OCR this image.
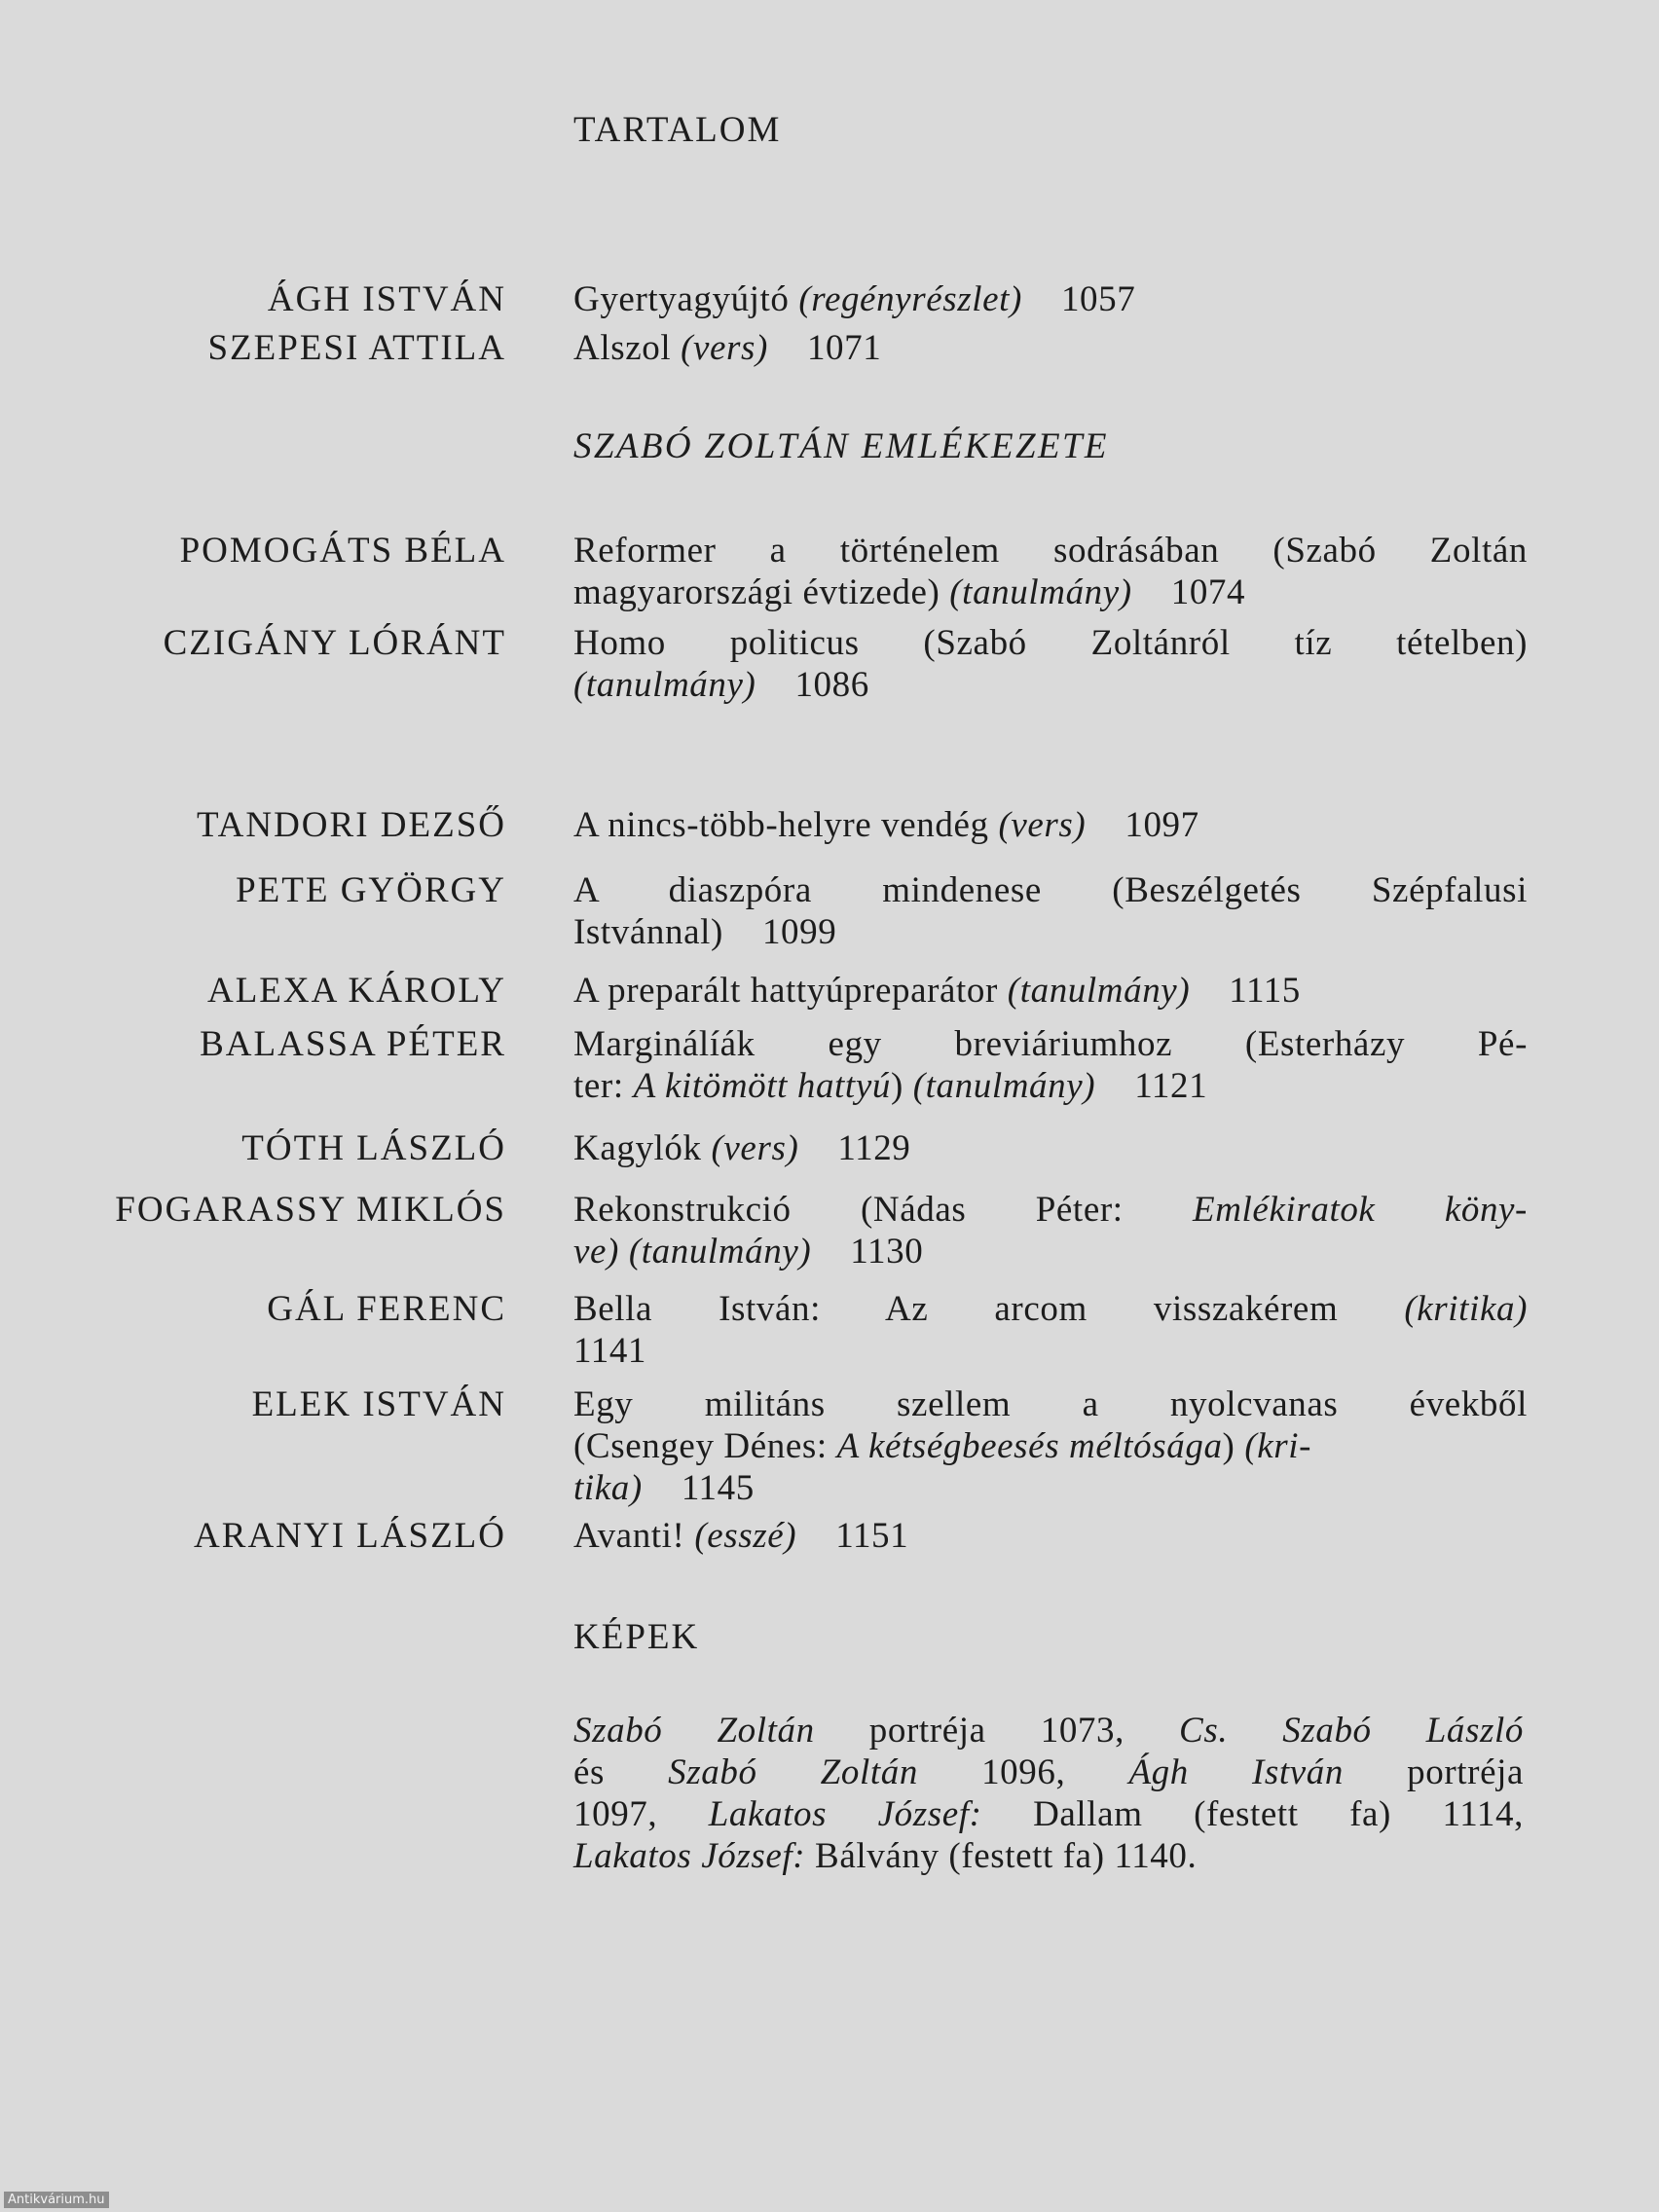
TARTALOM
SZABÓ ZOLTÁN EMLÉKEZETE
KÉPEK
ÁGH ISTVÁN Gyertyagyújtó (regényrészlet) 1057
SZEPESI ATTILA Alszol (vers) 1071
POMOGÁTS BÉLA Reformer a történelem sodrásában (Szabó Zoltán
magyarországi évtizede) (tanulmány) 1074
CZIGÁNY LÓRÁNT Homo politicus (Szabó Zoltánról tíz tételben)
(tanulmány) 1086
TANDORI DEZSŐ A nincs-több-helyre vendég (vers) 1097
PETE GYÖRGY A diaszpóra mindenese (Beszélgetés Szépfalusi
Istvánnal) 1099
ALEXA KÁROLY A preparált hattyúpreparátor (tanulmány) 1115
BALASSA PÉTER Marginálíák egy breviáriumhoz (Esterházy Pé-
ter: A kitömött hattyú) (tanulmány) 1121
TÓTH LÁSZLÓ Kagylók (vers) 1129
FOGARASSY MIKLÓS Rekonstrukció (Nádas Péter: Emlékiratok köny-
ve) (tanulmány) 1130
GÁL FERENC Bella István: Az arcom visszakérem (kritika)
1141
ELEK ISTVÁN Egy militáns szellem a nyolcvanas évekből
(Csengey Dénes: A kétségbeesés méltósága) (kri-
tika) 1145
ARANYI LÁSZLÓ Avanti! (esszé) 1151
Szabó Zoltán portréja 1073, Cs. Szabó László
és Szabó Zoltán 1096, Ágh István portréja
1097, Lakatos József: Dallam (festett fa) 1114,
Lakatos József: Bálvány (festett fa) 1140.
Antikvárium.hu
